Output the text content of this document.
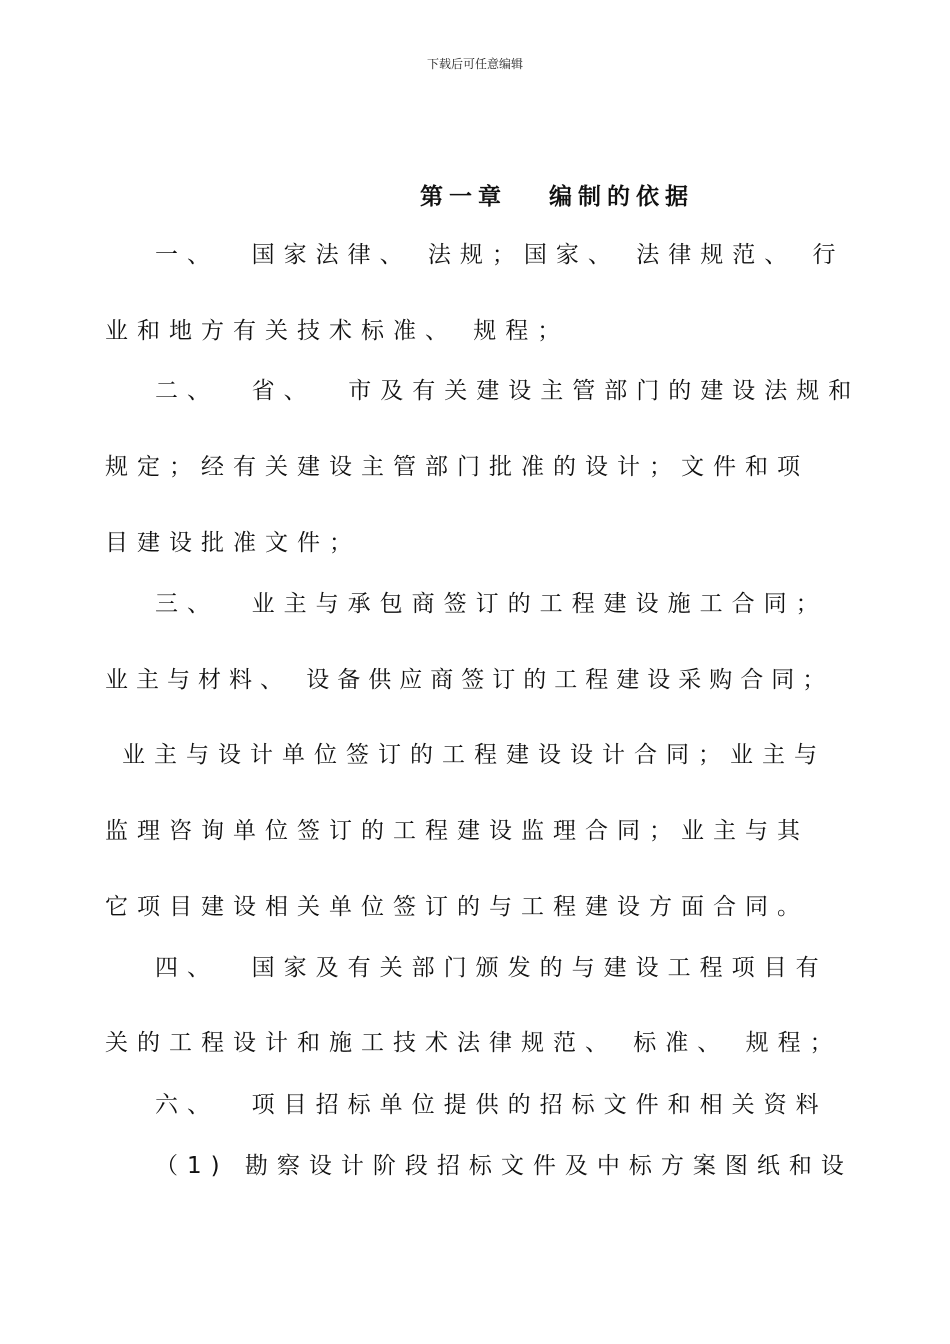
下载后可任意编辑
第一章   编制的依据
一、  国家法律、 法规；国家、 法律规范、 行
业和地方有关技术标准、 规程；
二、  省、  市及有关建设主管部门的建设法规和
规定；经有关建设主管部门批准的设计；文件和项
目建设批准文件；
三、  业主与承包商签订的工程建设施工合同；
业主与材料、 设备供应商签订的工程建设采购合同；
业主与设计单位签订的工程建设设计合同；业主与
监理咨询单位签订的工程建设监理合同；业主与其
它项目建设相关单位签订的与工程建设方面合同。
四、  国家及有关部门颁发的与建设工程项目有
关的工程设计和施工技术法律规范、 标准、 规程；
六、  项目招标单位提供的招标文件和相关资料
（1) 勘察设计阶段招标文件及中标方案图纸和设
